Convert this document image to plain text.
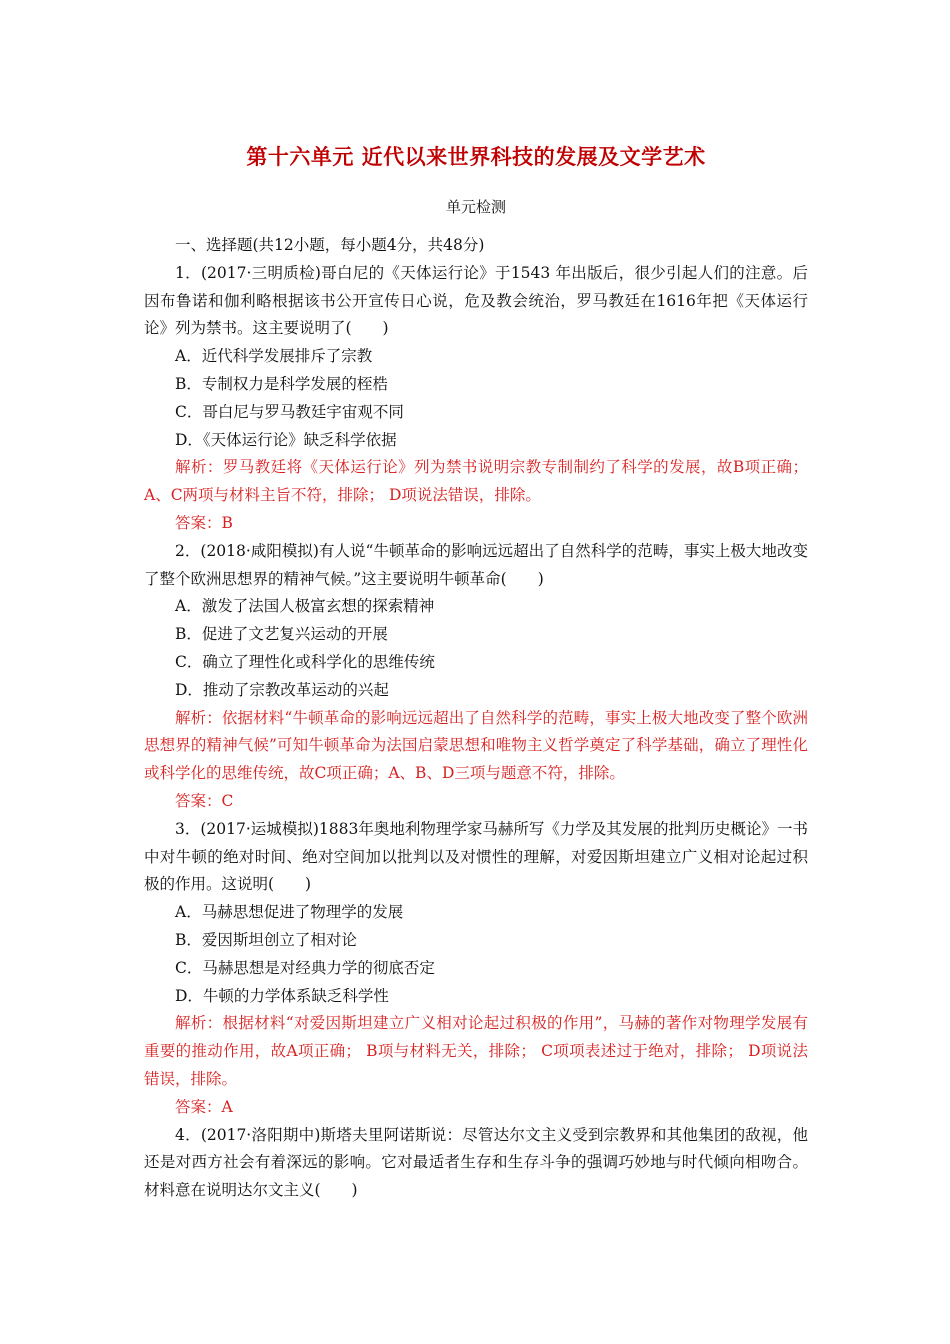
第十六单元 近代以来世界科技的发展及文学艺术

单元检测

一、选择题(共12小题，每小题4分，共48分)

1．(2017·三明质检)哥白尼的《天体运行论》于1543 年出版后，很少引起人们的注意。后因布鲁诺和伽利略根据该书公开宣传日心说，危及教会统治，罗马教廷在1616年把《天体运行论》列为禁书。这主要说明了(　　)

A．近代科学发展排斥了宗教

B．专制权力是科学发展的桎梏

C．哥白尼与罗马教廷宇宙观不同

D．《天体运行论》缺乏科学依据

解析：罗马教廷将《天体运行论》列为禁书说明宗教专制制约了科学的发展，故B项正确；A、C两项与材料主旨不符，排除； D项说法错误，排除。

答案：B

2．(2018·咸阳模拟)有人说“牛顿革命的影响远远超出了自然科学的范畴，事实上极大地改变了整个欧洲思想界的精神气候。”这主要说明牛顿革命(　　)

A．激发了法国人极富玄想的探索精神

B．促进了文艺复兴运动的开展

C．确立了理性化或科学化的思维传统

D．推动了宗教改革运动的兴起

解析：依据材料“牛顿革命的影响远远超出了自然科学的范畴，事实上极大地改变了整个欧洲思想界的精神气候”可知牛顿革命为法国启蒙思想和唯物主义哲学奠定了科学基础，确立了理性化或科学化的思维传统，故C项正确；A、B、D三项与题意不符，排除。

答案：C

3．(2017·运城模拟)1883年奥地利物理学家马赫所写《力学及其发展的批判历史概论》一书中对牛顿的绝对时间、绝对空间加以批判以及对惯性的理解，对爱因斯坦建立广义相对论起过积极的作用。这说明(　　)

A．马赫思想促进了物理学的发展

B．爱因斯坦创立了相对论

C．马赫思想是对经典力学的彻底否定

D．牛顿的力学体系缺乏科学性

解析：根据材料“对爱因斯坦建立广义相对论起过积极的作用”，马赫的著作对物理学发展有重要的推动作用，故A项正确； B项与材料无关，排除； C项项表述过于绝对，排除； D项说法错误，排除。

答案：A

4．(2017·洛阳期中)斯塔夫里阿诺斯说：尽管达尔文主义受到宗教界和其他集团的敌视，他还是对西方社会有着深远的影响。它对最适者生存和生存斗争的强调巧妙地与时代倾向相吻合。材料意在说明达尔文主义(　　)
